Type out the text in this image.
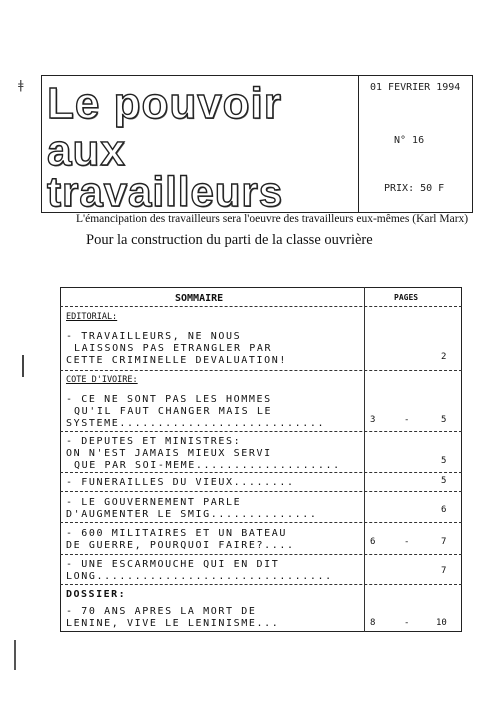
ǂ Le pouvoir
aux
travailleurs
01 FEVRIER 1994
N° 16
PRIX: 50 F
L'émancipation des travailleurs sera l'oeuvre des travailleurs eux-mêmes (Karl Marx)
Pour la construction du parti de la classe ouvrière
SOMMAIRE	PAGES
EDITORIAL:
- TRAVAILLEURS, NE NOUS
LAISSONS PAS ETRANGLER PAR
CETTE CRIMINELLE DEVALUATION!	2
COTE D'IVOIRE:
- CE NE SONT PAS LES HOMMES
QU'IL FAUT CHANGER MAIS LE
SYSTEME...........................	3	-	5
- DEPUTES ET MINISTRES:
ON N'EST JAMAIS MIEUX SERVI
QUE PAR SOI-MEME...................	5
- FUNERAILLES DU VIEUX........	5
- LE GOUVERNEMENT PARLE
D'AUGMENTER LE SMIG..............	6
- 600 MILITAIRES ET UN BATEAU
DE GUERRE, POURQUOI FAIRE?....	6	-	7
- UNE ESCARMOUCHE QUI EN DIT
LONG...............................	7
DOSSIER:
- 70 ANS APRES LA MORT DE
LENINE, VIVE LE LENINISME...	8	-	10
